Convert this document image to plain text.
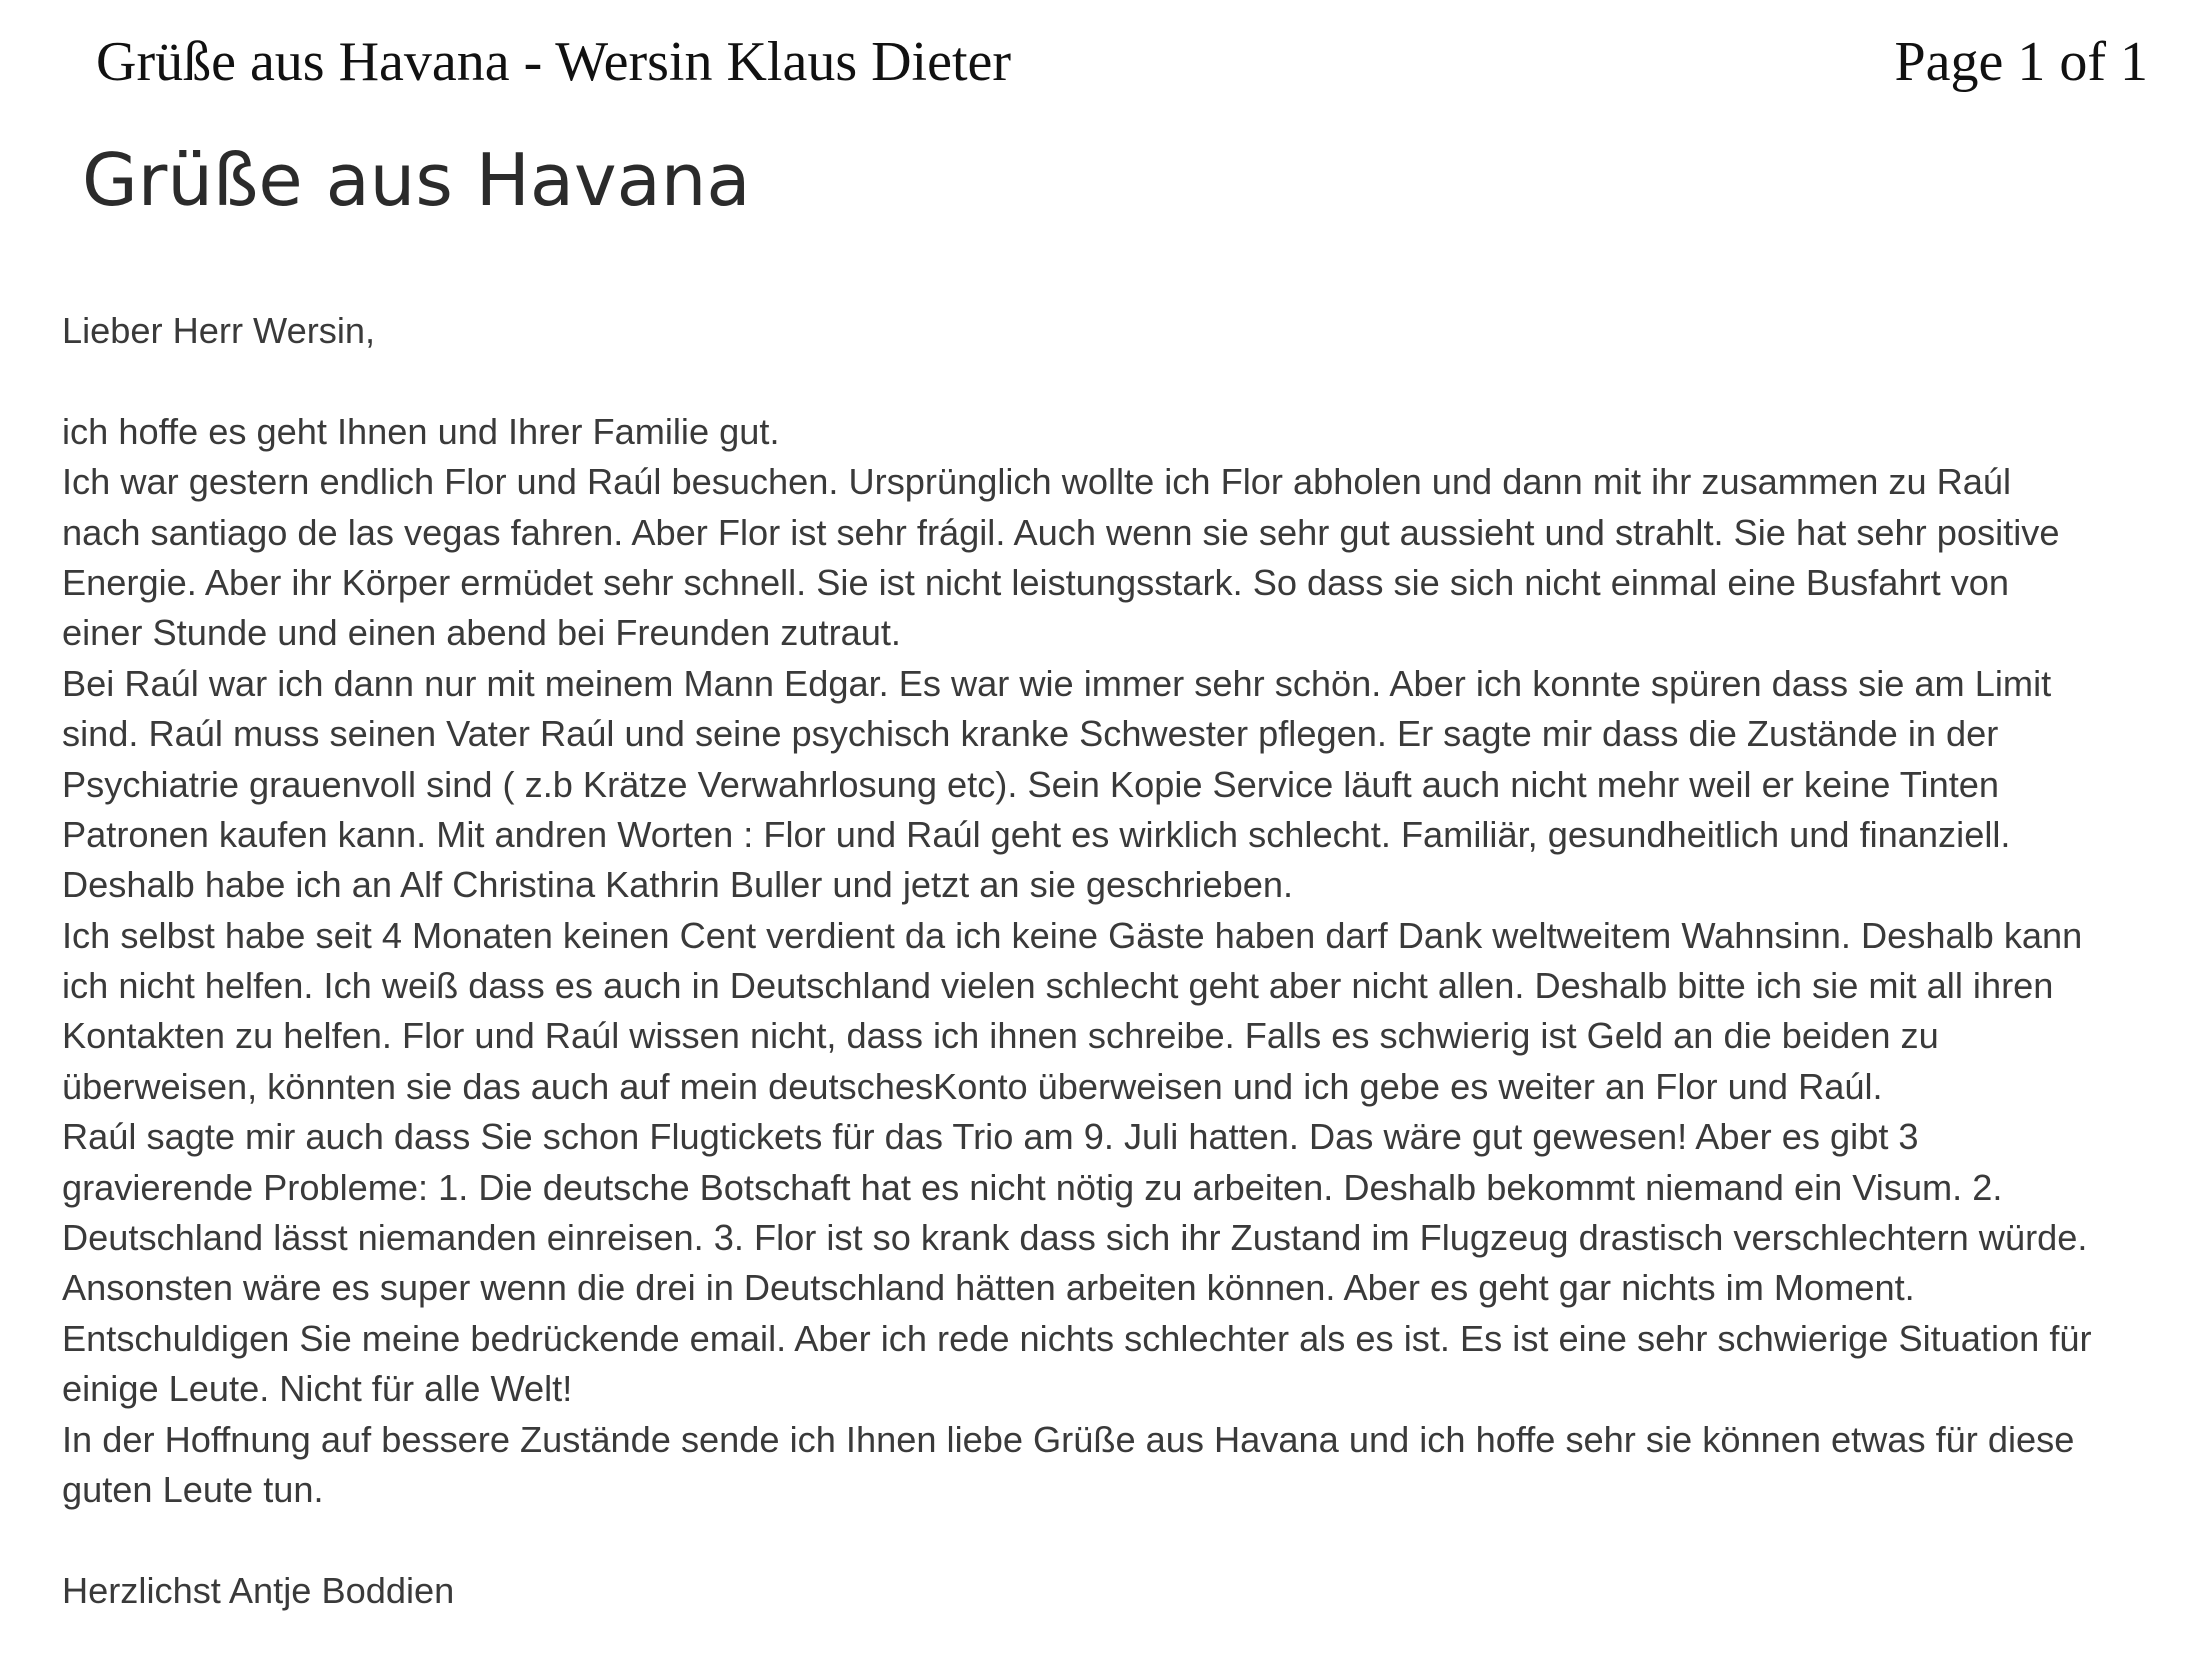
Grüße aus Havana - Wersin Klaus Dieter	Page 1 of 1
Grüße aus Havana
Lieber Herr Wersin,
ich hoffe es geht Ihnen und Ihrer Familie gut.
Ich war gestern endlich Flor und Raúl besuchen. Ursprünglich wollte ich Flor abholen und dann mit ihr zusammen zu Raúl
nach santiago de las vegas fahren. Aber Flor ist sehr frágil. Auch wenn sie sehr gut aussieht und strahlt. Sie hat sehr positive
Energie. Aber ihr Körper ermüdet sehr schnell. Sie ist nicht leistungsstark. So dass sie sich nicht einmal eine Busfahrt von
einer Stunde und einen abend bei Freunden zutraut.
Bei Raúl war ich dann nur mit meinem Mann Edgar. Es war wie immer sehr schön. Aber ich konnte spüren dass sie am Limit
sind. Raúl muss seinen Vater Raúl und seine psychisch kranke Schwester pflegen. Er sagte mir dass die Zustände in der
Psychiatrie grauenvoll sind ( z.b Krätze Verwahrlosung etc). Sein Kopie Service läuft auch nicht mehr weil er keine Tinten
Patronen kaufen kann. Mit andren Worten : Flor und Raúl geht es wirklich schlecht. Familiär, gesundheitlich und finanziell.
Deshalb habe ich an Alf Christina Kathrin Buller und jetzt an sie geschrieben.
Ich selbst habe seit 4 Monaten keinen Cent verdient da ich keine Gäste haben darf Dank weltweitem Wahnsinn. Deshalb kann
ich nicht helfen. Ich weiß dass es auch in Deutschland vielen schlecht geht aber nicht allen. Deshalb bitte ich sie mit all ihren
Kontakten zu helfen. Flor und Raúl wissen nicht, dass ich ihnen schreibe. Falls es schwierig ist Geld an die beiden zu
überweisen, könnten sie das auch auf mein deutschesKonto überweisen und ich gebe es weiter an Flor und Raúl.
Raúl sagte mir auch dass Sie schon Flugtickets für das Trio am 9. Juli hatten. Das wäre gut gewesen! Aber es gibt 3
gravierende Probleme: 1. Die deutsche Botschaft hat es nicht nötig zu arbeiten. Deshalb bekommt niemand ein Visum. 2.
Deutschland lässt niemanden einreisen. 3. Flor ist so krank dass sich ihr Zustand im Flugzeug drastisch verschlechtern würde.
Ansonsten wäre es super wenn die drei in Deutschland hätten arbeiten können. Aber es geht gar nichts im Moment.
Entschuldigen Sie meine bedrückende email. Aber ich rede nichts schlechter als es ist. Es ist eine sehr schwierige Situation für
einige Leute. Nicht für alle Welt!
In der Hoffnung auf bessere Zustände sende ich Ihnen liebe Grüße aus Havana und ich hoffe sehr sie können etwas für diese
guten Leute tun.
Herzlichst Antje Boddien
